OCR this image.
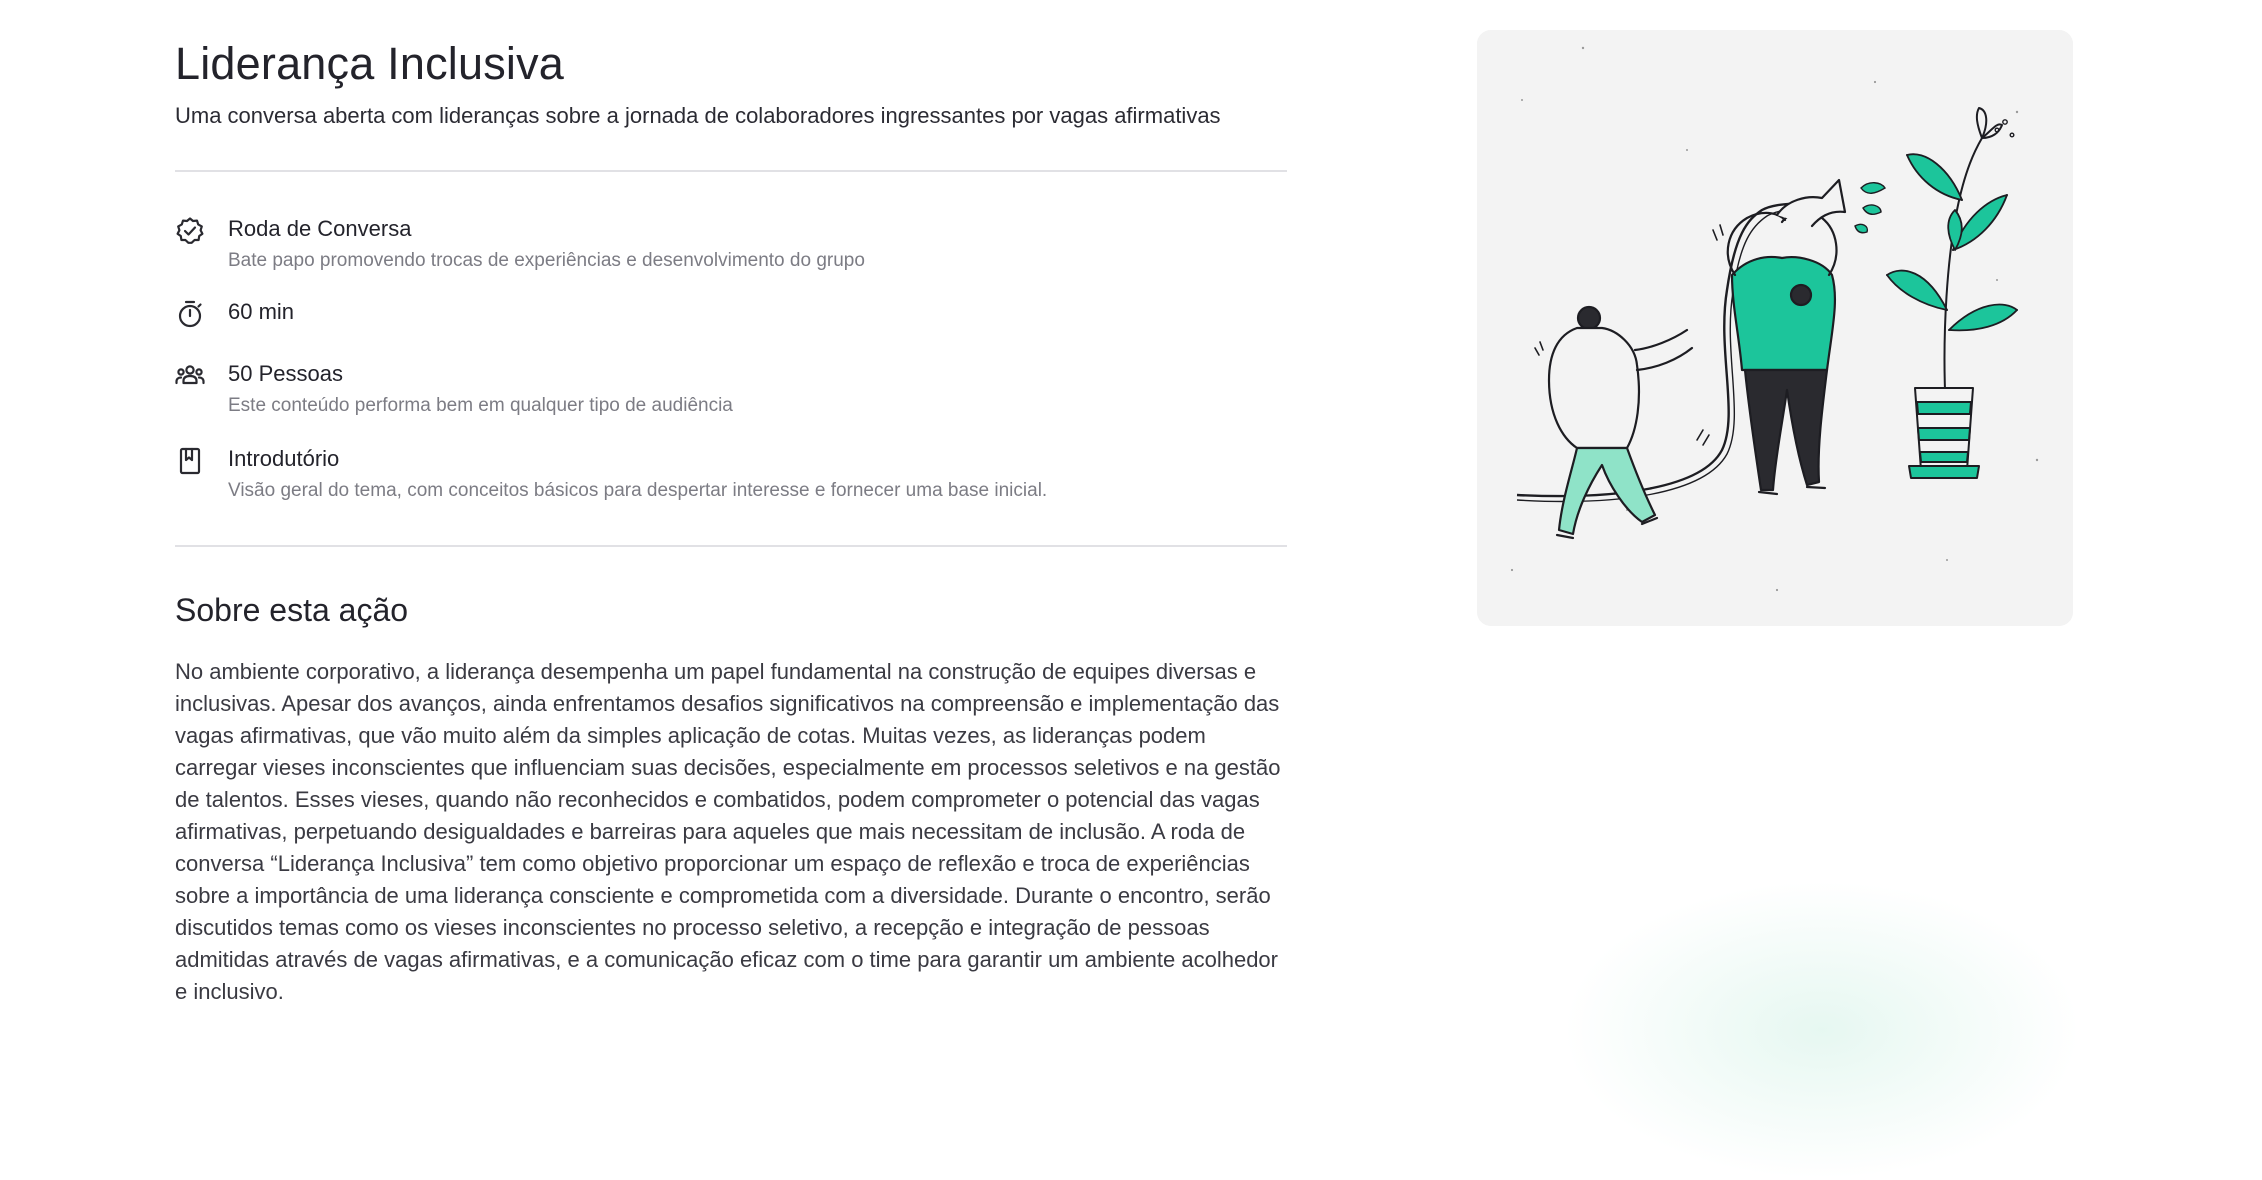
Liderança Inclusiva
Uma conversa aberta com lideranças sobre a jornada de colaboradores ingressantes por vagas afirmativas
Roda de Conversa
Bate papo promovendo trocas de experiências e desenvolvimento do grupo
60 min
50 Pessoas
Este conteúdo performa bem em qualquer tipo de audiência
Introdutório
Visão geral do tema, com conceitos básicos para despertar interesse e fornecer uma base inicial.
Sobre esta ação

No ambiente corporativo, a liderança desempenha um papel fundamental na construção de equipes diversas e inclusivas. Apesar dos avanços, ainda enfrentamos desafios significativos na compreensão e implementação das vagas afirmativas, que vão muito além da simples aplicação de cotas. Muitas vezes, as lideranças podem carregar vieses inconscientes que influenciam suas decisões, especialmente em processos seletivos e na gestão de talentos. Esses vieses, quando não reconhecidos e combatidos, podem comprometer o potencial das vagas afirmativas, perpetuando desigualdades e barreiras para aqueles que mais necessitam de inclusão. A roda de conversa “Liderança Inclusiva” tem como objetivo proporcionar um espaço de reflexão e troca de experiências sobre a importância de uma liderança consciente e comprometida com a diversidade. Durante o encontro, serão discutidos temas como os vieses inconscientes no processo seletivo, a recepção e integração de pessoas admitidas através de vagas afirmativas, e a comunicação eficaz com o time para garantir um ambiente acolhedor e inclusivo.
